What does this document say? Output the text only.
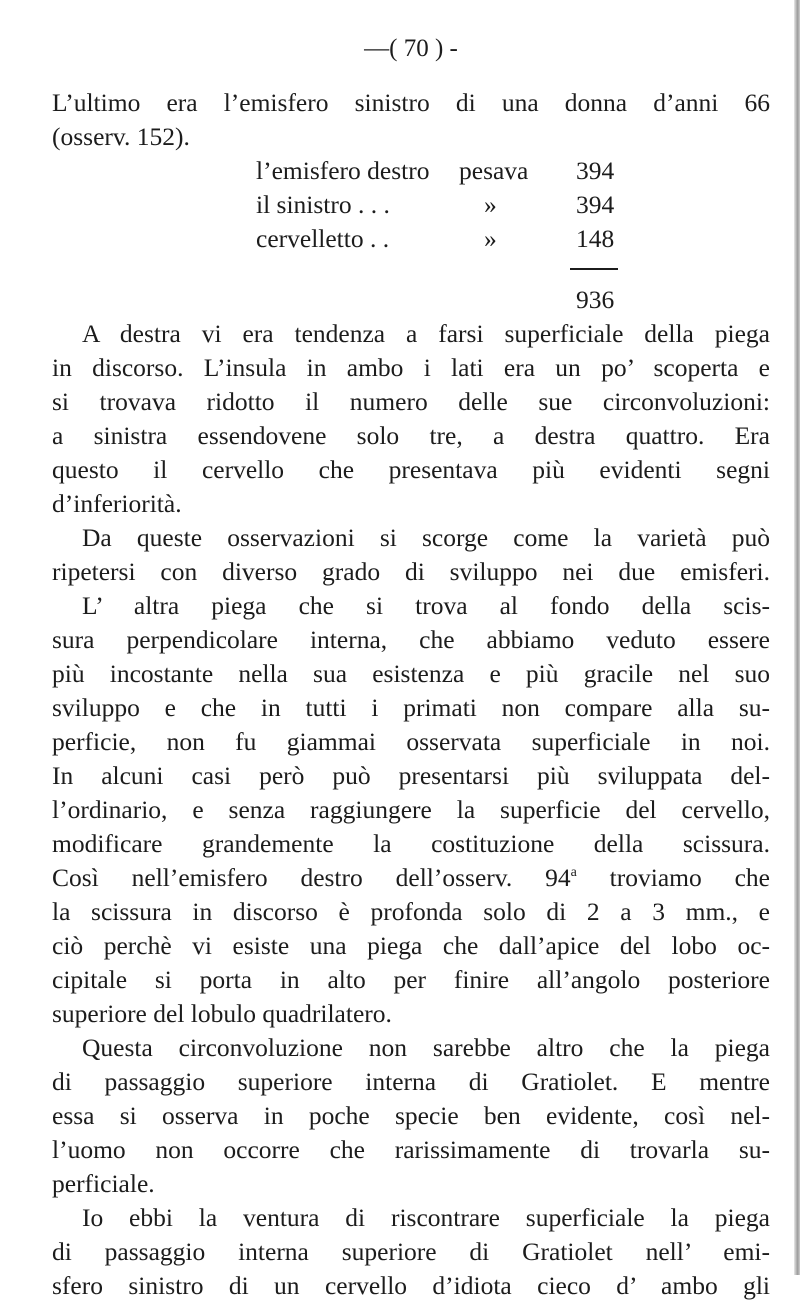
—( 70 ) -
L’ultimo era l’emisfero sinistro di una donna d’anni 66
(osserv. 152).
l’emisfero destro pesava 394
il sinistro . . .	»	394
cervelletto . .	»	148
936
A destra vi era tendenza a farsi superficiale della piega
in discorso. L’insula in ambo i lati era un po’ scoperta e
si trovava ridotto il numero delle sue circonvoluzioni:
a sinistra essendovene solo tre, a destra quattro. Era
questo il cervello che presentava più evidenti segni
d’inferiorità.
Da queste osservazioni si scorge come la varietà può
ripetersi con diverso grado di sviluppo nei due emisferi.
L’ altra piega che si trova al fondo della scis-
sura perpendicolare interna, che abbiamo veduto essere
più incostante nella sua esistenza e più gracile nel suo
sviluppo e che in tutti i primati non compare alla su-
perficie, non fu giammai osservata superficiale in noi.
In alcuni casi però può presentarsi più sviluppata del-
l’ordinario, e senza raggiungere la superficie del cervello,
modificare grandemente la costituzione della scissura.
Così nell’emisfero destro dell’osserv. 94$^a$ troviamo che
la scissura in discorso è profonda solo di 2 a 3 mm., e
ciò perchè vi esiste una piega che dall’apice del lobo oc-
cipitale si porta in alto per finire all’angolo posteriore
superiore del lobulo quadrilatero.
Questa circonvoluzione non sarebbe altro che la piega
di passaggio superiore interna di Gratiolet. E mentre
essa si osserva in poche specie ben evidente, così nel-
l’uomo non occorre che rarissimamente di trovarla su-
perficiale.
Io ebbi la ventura di riscontrare superficiale la piega
di passaggio interna superiore di Gratiolet nell’ emi-
sfero sinistro di un cervello d’idiota cieco d’ ambo gli
